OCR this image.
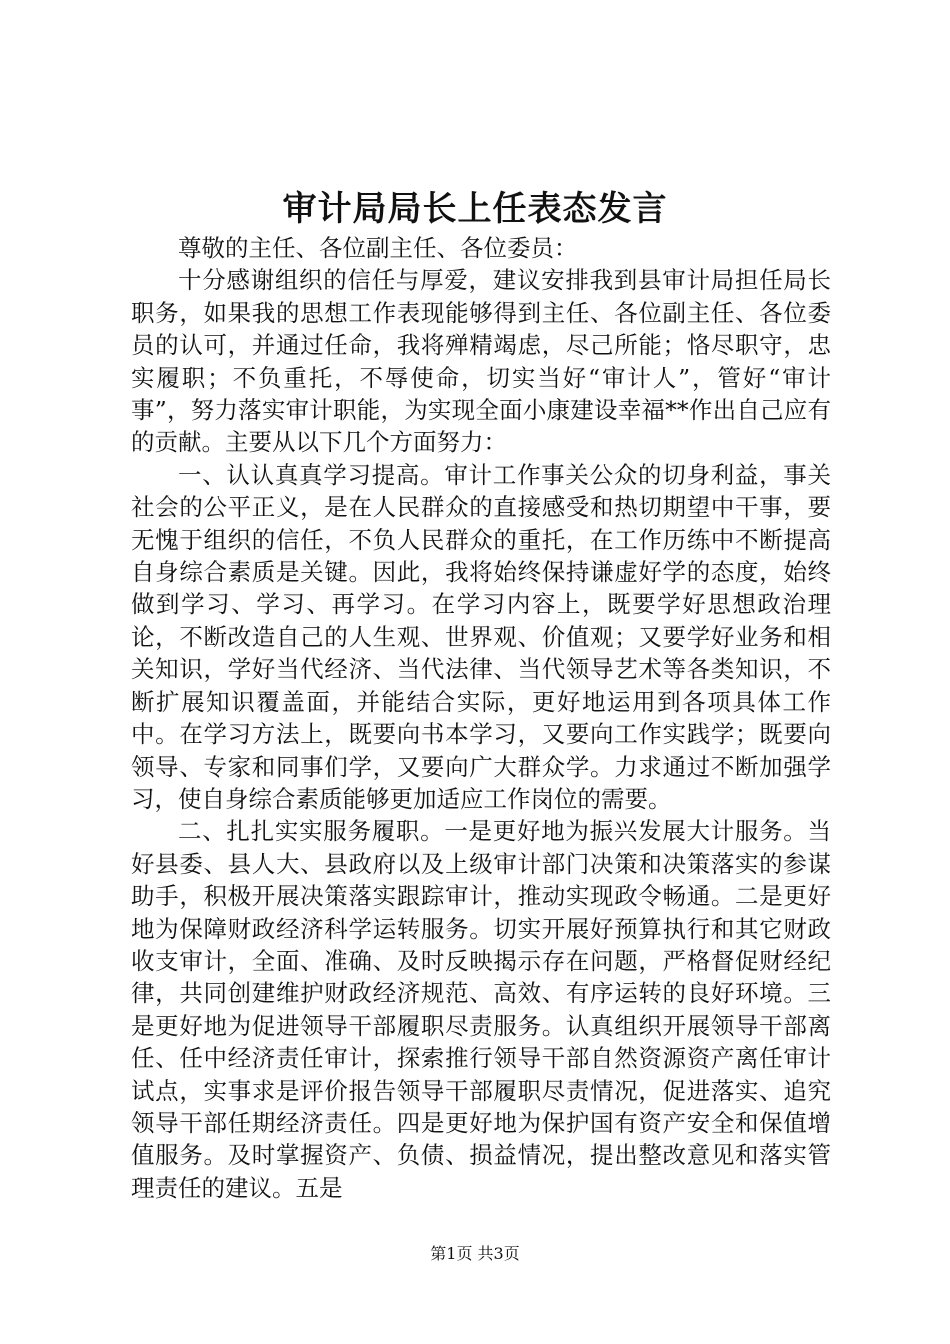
审计局局长上任表态发言

尊敬的主任、各位副主任、各位委员：

十分感谢组织的信任与厚爱，建议安排我到县审计局担任局长职务，如果我的思想工作表现能够得到主任、各位副主任、各位委员的认可，并通过任命，我将殚精竭虑，尽己所能；恪尽职守，忠实履职；不负重托，不辱使命，切实当好“审计人”，管好“审计事”，努力落实审计职能，为实现全面小康建设幸福**作出自己应有的贡献。主要从以下几个方面努力：

一、认认真真学习提高。审计工作事关公众的切身利益，事关社会的公平正义，是在人民群众的直接感受和热切期望中干事，要无愧于组织的信任，不负人民群众的重托，在工作历练中不断提高自身综合素质是关键。因此，我将始终保持谦虚好学的态度，始终做到学习、学习、再学习。在学习内容上，既要学好思想政治理论，不断改造自己的人生观、世界观、价值观；又要学好业务和相关知识，学好当代经济、当代法律、当代领导艺术等各类知识，不断扩展知识覆盖面，并能结合实际，更好地运用到各项具体工作中。在学习方法上，既要向书本学习，又要向工作实践学；既要向领导、专家和同事们学，又要向广大群众学。力求通过不断加强学习，使自身综合素质能够更加适应工作岗位的需要。

二、扎扎实实服务履职。一是更好地为振兴发展大计服务。当好县委、县人大、县政府以及上级审计部门决策和决策落实的参谋助手，积极开展决策落实跟踪审计，推动实现政令畅通。二是更好地为保障财政经济科学运转服务。切实开展好预算执行和其它财政收支审计，全面、准确、及时反映揭示存在问题，严格督促财经纪律，共同创建维护财政经济规范、高效、有序运转的良好环境。三是更好地为促进领导干部履职尽责服务。认真组织开展领导干部离任、任中经济责任审计，探索推行领导干部自然资源资产离任审计试点，实事求是评价报告领导干部履职尽责情况，促进落实、追究领导干部任期经济责任。四是更好地为保护国有资产安全和保值增值服务。及时掌握资产、负债、损益情况，提出整改意见和落实管理责任的建议。五是

第1页 共3页
